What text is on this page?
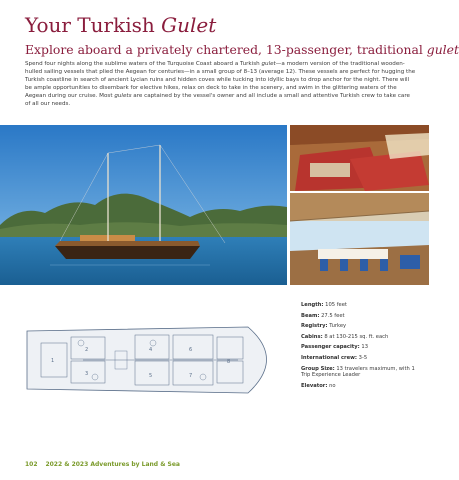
Your Turkish Gulet
Explore aboard a privately chartered, 13-passenger, traditional gulet

Spend four nights along the sublime waters of the Turquoise Coast aboard a Turkish gulet—a modern version of the traditional wooden-hulled sailing vessels that plied the Aegean for centuries—in a small group of 8–13 (average 12). These vessels are perfect for hugging the Turkish coastline in search of ancient Lycian ruins and hidden coves while tucking into idyllic bays to drop anchor for the night. There will be ample opportunities to disembark for elective hikes, relax on deck to take in the scenery, and swim in the glittering waters of the Aegean during our cruise. Most gulets are captained by the vessel's owner and all include a small and attentive Turkish crew to take care of all our needs.

1
2
3
4
5
6
7
8
Length: 105 feet
Beam: 27.5 feet
Registry: Turkey
Cabins: 8 at 130-215 sq. ft. each
Passenger capacity: 13
International crew: 3-5
Group Size: 13 travelers maximum, with 1 Trip Experience Leader
Elevator: no
102 2022 & 2023 Adventures by Land & Sea
